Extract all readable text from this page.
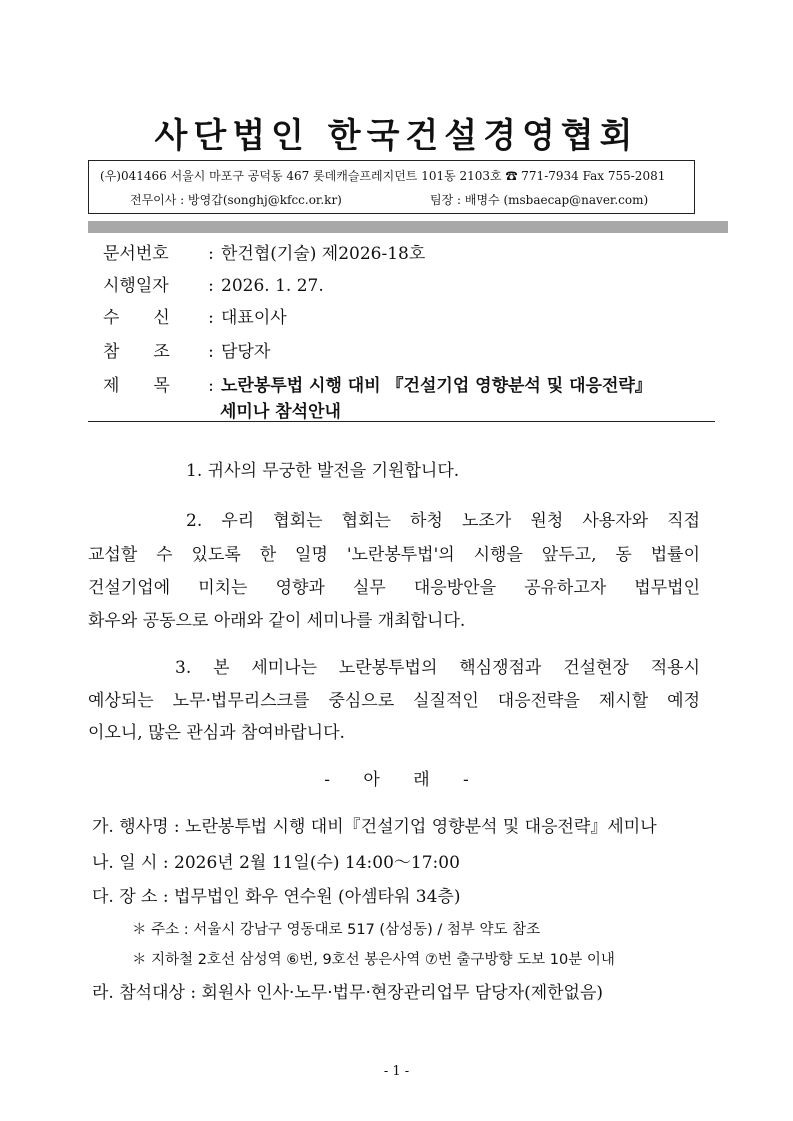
사단법인 한국건설경영협회
(우)041466 서울시 마포구 공덕동 467 롯데캐슬프레지던트 101동 2103호 ☎ 771-7934 Fax 755-2081
전무이사 : 방영갑(songhj@kfcc.or.kr)	팀장 : 배명수 (msbaecap@naver.com)
문서번호 : 한건협(기술) 제2026-18호
시행일자 : 2026. 1. 27.
수　　신 : 대표이사
참　　조 : 담당자
제　　목 : 노란봉투법 시행 대비 『건설기업 영향분석 및 대응전략』
세미나 참석안내
1. 귀사의 무궁한 발전을 기원합니다.
2. 우리 협회는 협회는 하청 노조가 원청 사용자와 직접
교섭할 수 있도록 한 일명 '노란봉투법'의 시행을 앞두고, 동 법률이
건설기업에 미치는 영향과 실무 대응방안을 공유하고자 법무법인
화우와 공동으로 아래와 같이 세미나를 개최합니다.
3. 본 세미나는 노란봉투법의 핵심쟁점과 건설현장 적용시
예상되는 노무·법무리스크를 중심으로 실질적인 대응전략을 제시할 예정
이오니, 많은 관심과 참여바랍니다.
- 아 래 -
가. 행사명 : 노란봉투법 시행 대비『건설기업 영향분석 및 대응전략』세미나
나. 일 시 : 2026년 2월 11일(수) 14:00～17:00
다. 장 소 : 법무법인 화우 연수원 (아셈타워 34층)
＊ 주소 : 서울시 강남구 영동대로 517 (삼성동) / 첨부 약도 참조
＊ 지하철 2호선 삼성역 ⑥번, 9호선 봉은사역 ⑦번 출구방향 도보 10분 이내
라. 참석대상 : 회원사 인사·노무·법무·현장관리업무 담당자(제한없음)
- 1 -
